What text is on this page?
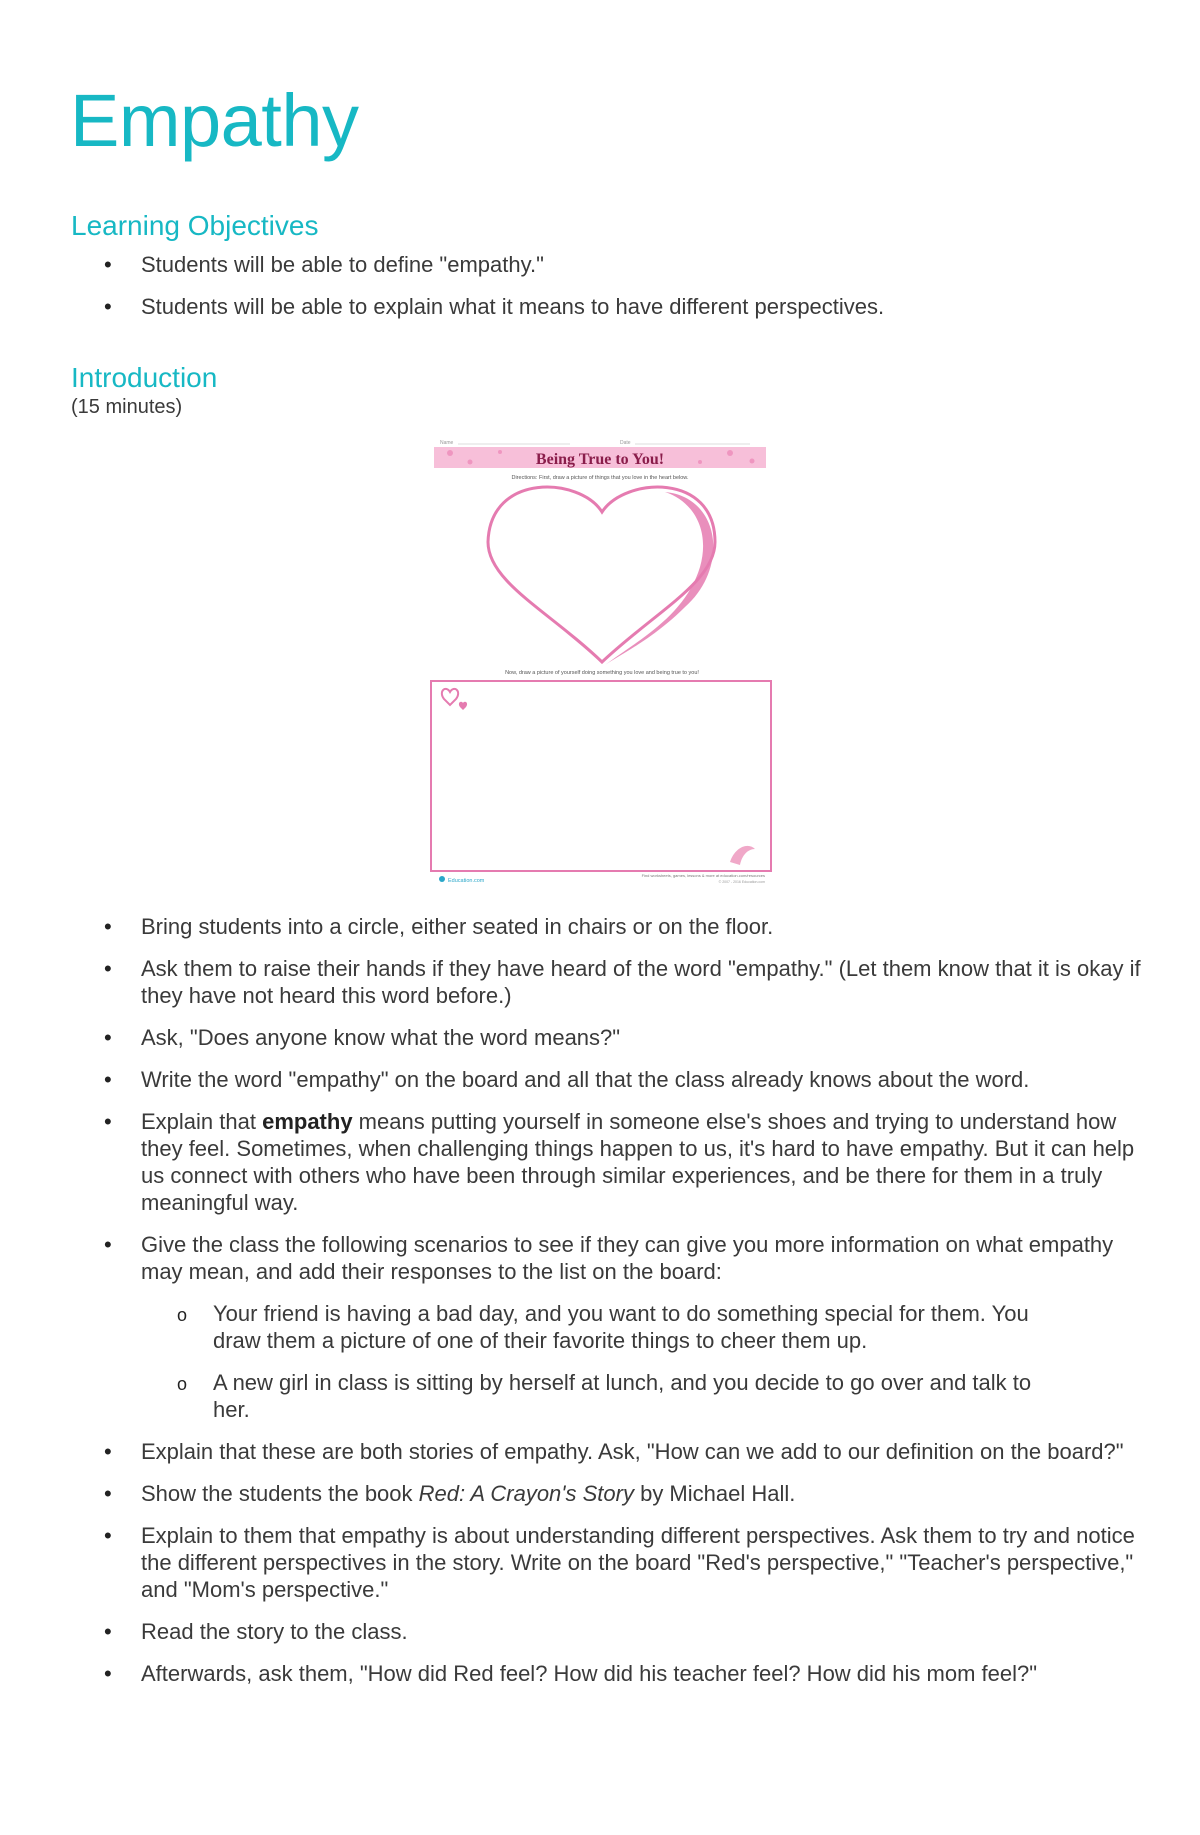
Empathy
Learning Objectives
• Students will be able to define "empathy."
• Students will be able to explain what it means to have different perspectives.
Introduction

(15 minutes)

Name	Date
Being True to You!
Directions: First, draw a picture of things that you love in the heart below.
Now, draw a picture of yourself doing something you love and being true to you!
Education.com
Find worksheets, games, lessons & more at education.com/resources
© 2007 - 2016 Education.com
• Bring students into a circle, either seated in chairs or on the floor.
• Ask them to raise their hands if they have heard of the word "empathy." (Let them know that it is okay if they have not heard this word before.)
• Ask, "Does anyone know what the word means?"
• Write the word "empathy" on the board and all that the class already knows about the word.
• Explain that empathy means putting yourself in someone else's shoes and trying to understand how they feel. Sometimes, when challenging things happen to us, it's hard to have empathy. But it can help us connect with others who have been through similar experiences, and be there for them in a truly meaningful way.
• Give the class the following scenarios to see if they can give you more information on what empathy may mean, and add their responses to the list on the board:
o Your friend is having a bad day, and you want to do something special for them. You draw them a picture of one of their favorite things to cheer them up.
o A new girl in class is sitting by herself at lunch, and you decide to go over and talk to her.
• Explain that these are both stories of empathy. Ask, "How can we add to our definition on the board?"
• Show the students the book Red: A Crayon's Story by Michael Hall.
• Explain to them that empathy is about understanding different perspectives. Ask them to try and notice the different perspectives in the story. Write on the board "Red's perspective," "Teacher's perspective," and "Mom's perspective."
• Read the story to the class.
• Afterwards, ask them, "How did Red feel? How did his teacher feel? How did his mom feel?"
